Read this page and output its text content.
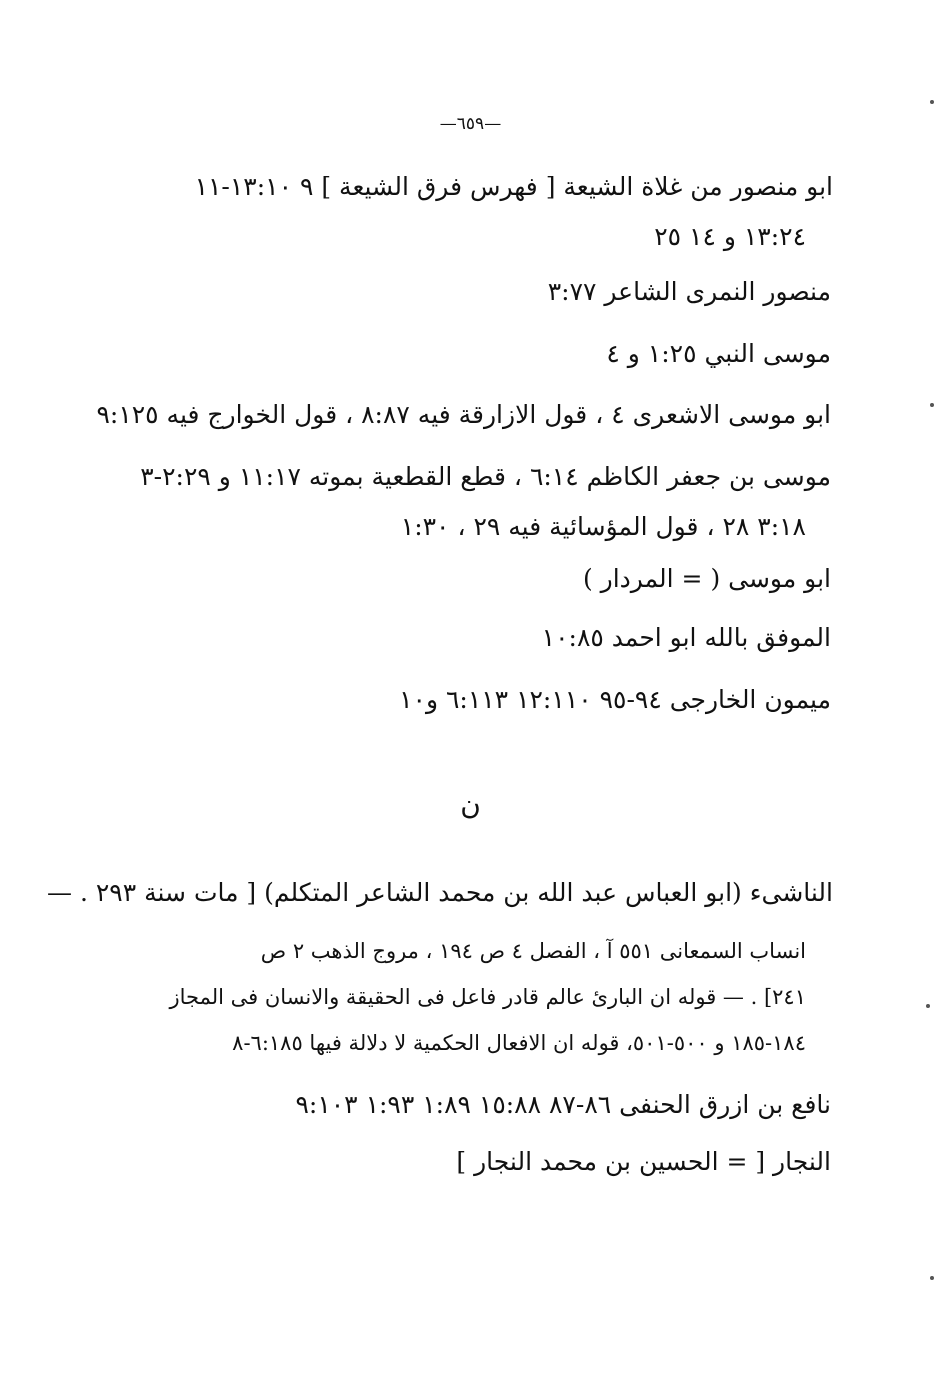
—٦٥٩—
ابو منصور من غلاة الشيعة [ فهرس فرق الشيعة ] ٩ ١٣:١٠-١١
١٣:٢٤ و ١٤ ٢٥
منصور النمرى الشاعر ٣:٧٧
موسى النبي ١:٢٥ و ٤
ابو موسى الاشعرى ٤ ، قول الازارقة فيه ٨:٨٧ ، قول الخوارج فيه ٩:١٢٥
موسى بن جعفر الكاظم ٦:١٤ ، قطع القطعية بموته ١١:١٧ و ٢:٢٩-٣
٣:١٨ ٢٨ ، قول المؤسائية فيه ٢٩ ، ١:٣٠
ابو موسى ( = المردار )
الموفق بالله ابو احمد ١٠:٨٥
ميمون الخارجى ٩٤-٩٥ ١٢:١١٠ ٦:١١٣ و١٠
ن
الناشىء (ابو العباس عبد الله بن محمد الشاعر المتكلم) [ مات سنة ٢٩٣ . —
انساب السمعانى ٥٥١ آ ، الفصل ٤ ص ١٩٤ ، مروج الذهب ٢ ص
٢٤١] . — قوله ان البارئ عالم قادر فاعل فى الحقيقة والانسان فى المجاز
١٨٤-١٨٥ و ٥٠٠-٥٠١، قوله ان الافعال الحكمية لا دلالة فيها ٦:١٨٥-٨
نافع بن ازرق الحنفى ٨٦-٨٧ ١٥:٨٨ ١:٨٩ ١:٩٣ ٩:١٠٣
النجار [ = الحسين بن محمد النجار ]
